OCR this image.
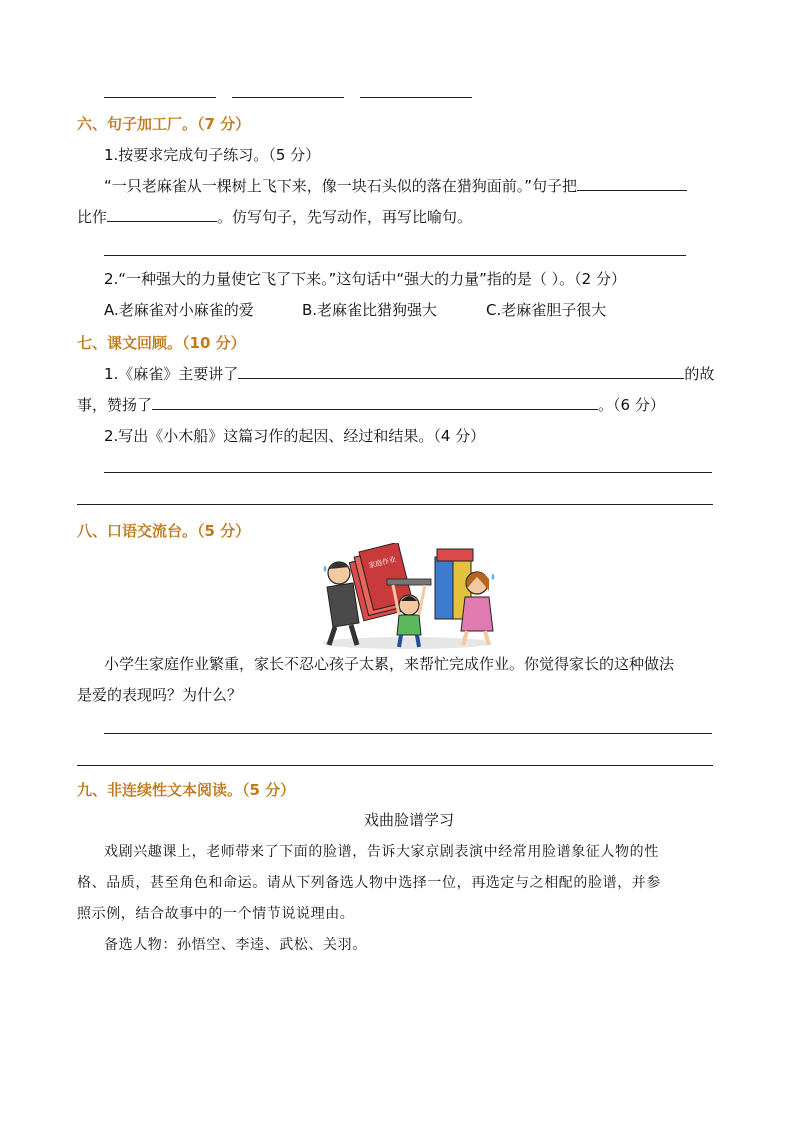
六、句子加工厂。（7 分）
1.按要求完成句子练习。（5 分）
“一只老麻雀从一棵树上飞下来，像一块石头似的落在猎狗面前。”句子把
比作	。仿写句子，先写动作，再写比喻句。
2.“一种强大的力量使它飞了下来。”这句话中“强大的力量”指的是（ ）。（2 分）
A.老麻雀对小麻雀的爱	B.老麻雀比猎狗强大	C.老麻雀胆子很大
七、课文回顾。（10 分）
1.《麻雀》主要讲了	的故
事，赞扬了	。（6 分）
2.写出《小木船》这篇习作的起因、经过和结果。（4 分）
八、口语交流台。（5 分）
家庭作业
小学生家庭作业繁重，家长不忍心孩子太累，来帮忙完成作业。你觉得家长的这种做法
是爱的表现吗？为什么？
九、非连续性文本阅读。（5 分）
戏曲脸谱学习
戏剧兴趣课上，老师带来了下面的脸谱，告诉大家京剧表演中经常用脸谱象征人物的性
格、品质，甚至角色和命运。请从下列备选人物中选择一位，再选定与之相配的脸谱，并参
照示例，结合故事中的一个情节说说理由。
备选人物：孙悟空、李逵、武松、关羽。
